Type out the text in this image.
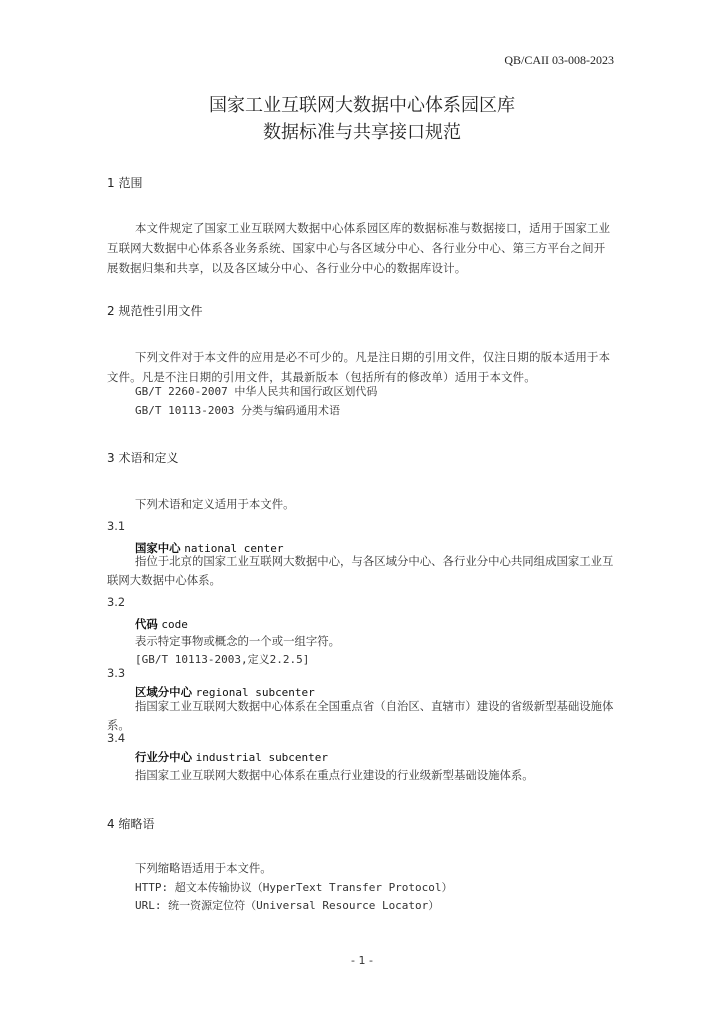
QB/CAII 03-008-2023
国家工业互联网大数据中心体系园区库
数据标准与共享接口规范
1 范围
本文件规定了国家工业互联网大数据中心体系园区库的数据标准与数据接口，适用于国家工业互联网大数据中心体系各业务系统、国家中心与各区域分中心、各行业分中心、第三方平台之间开展数据归集和共享，以及各区域分中心、各行业分中心的数据库设计。
2 规范性引用文件
下列文件对于本文件的应用是必不可少的。凡是注日期的引用文件，仅注日期的版本适用于本文件。凡是不注日期的引用文件，其最新版本（包括所有的修改单）适用于本文件。
GB/T 2260-2007 中华人民共和国行政区划代码
GB/T 10113-2003 分类与编码通用术语
3 术语和定义
下列术语和定义适用于本文件。
3.1
国家中心 national center
指位于北京的国家工业互联网大数据中心，与各区域分中心、各行业分中心共同组成国家工业互联网大数据中心体系。
3.2
代码 code
表示特定事物或概念的一个或一组字符。
[GB/T 10113-2003,定义2.2.5]
3.3
区域分中心 regional subcenter
指国家工业互联网大数据中心体系在全国重点省（自治区、直辖市）建设的省级新型基础设施体系。
3.4
行业分中心 industrial subcenter
指国家工业互联网大数据中心体系在重点行业建设的行业级新型基础设施体系。
4 缩略语
下列缩略语适用于本文件。
HTTP: 超文本传输协议（HyperText Transfer Protocol）
URL: 统一资源定位符（Universal Resource Locator）
- 1 -
